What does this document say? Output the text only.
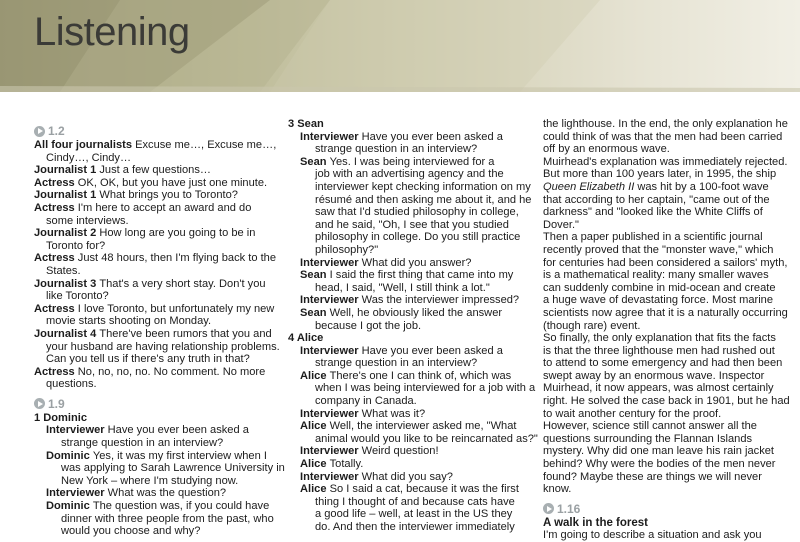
Listening
1.2
All four journalists Excuse me…, Excuse me…,
Cindy…, Cindy…
Journalist 1 Just a few questions…
Actress OK, OK, but you have just one minute.
Journalist 1 What brings you to Toronto?
Actress I'm here to accept an award and do
some interviews.
Journalist 2 How long are you going to be in
Toronto for?
Actress Just 48 hours, then I'm flying back to the
States.
Journalist 3 That's a very short stay. Don't you
like Toronto?
Actress I love Toronto, but unfortunately my new
movie starts shooting on Monday.
Journalist 4 There've been rumors that you and
your husband are having relationship problems.
Can you tell us if there's any truth in that?
Actress No, no, no, no. No comment. No more
questions.
1.9
1 Dominic
Interviewer Have you ever been asked a
strange question in an interview?
Dominic Yes, it was my first interview when I
was applying to Sarah Lawrence University in
New York – where I'm studying now.
Interviewer What was the question?
Dominic The question was, if you could have
dinner with three people from the past, who
would you choose and why?
3 Sean
Interviewer Have you ever been asked a
strange question in an interview?
Sean Yes. I was being interviewed for a
job with an advertising agency and the
interviewer kept checking information on my
résumé and then asking me about it, and he
saw that I'd studied philosophy in college,
and he said, "Oh, I see that you studied
philosophy in college. Do you still practice
philosophy?"
Interviewer What did you answer?
Sean I said the first thing that came into my
head, I said, "Well, I still think a lot."
Interviewer Was the interviewer impressed?
Sean Well, he obviously liked the answer
because I got the job.
4 Alice
Interviewer Have you ever been asked a
strange question in an interview?
Alice There's one I can think of, which was
when I was being interviewed for a job with a
company in Canada.
Interviewer What was it?
Alice Well, the interviewer asked me, "What
animal would you like to be reincarnated as?"
Interviewer Weird question!
Alice Totally.
Interviewer What did you say?
Alice So I said a cat, because it was the first
thing I thought of and because cats have
a good life – well, at least in the US they
do. And then the interviewer immediately
the lighthouse. In the end, the only explanation he
could think of was that the men had been carried
off by an enormous wave.
Muirhead's explanation was immediately rejected.
But more than 100 years later, in 1995, the ship
Queen Elizabeth II was hit by a 100-foot wave
that according to her captain, "came out of the
darkness" and "looked like the White Cliffs of
Dover."
Then a paper published in a scientific journal
recently proved that the "monster wave," which
for centuries had been considered a sailors' myth,
is a mathematical reality: many smaller waves
can suddenly combine in mid-ocean and create
a huge wave of devastating force. Most marine
scientists now agree that it is a naturally occurring
(though rare) event.
So finally, the only explanation that fits the facts
is that the three lighthouse men had rushed out
to attend to some emergency and had then been
swept away by an enormous wave. Inspector
Muirhead, it now appears, was almost certainly
right. He solved the case back in 1901, but he had
to wait another century for the proof.
However, science still cannot answer all the
questions surrounding the Flannan Islands
mystery. Why did one man leave his rain jacket
behind? Why were the bodies of the men never
found? Maybe these are things we will never
know.
1.16
A walk in the forest
I'm going to describe a situation and ask you
